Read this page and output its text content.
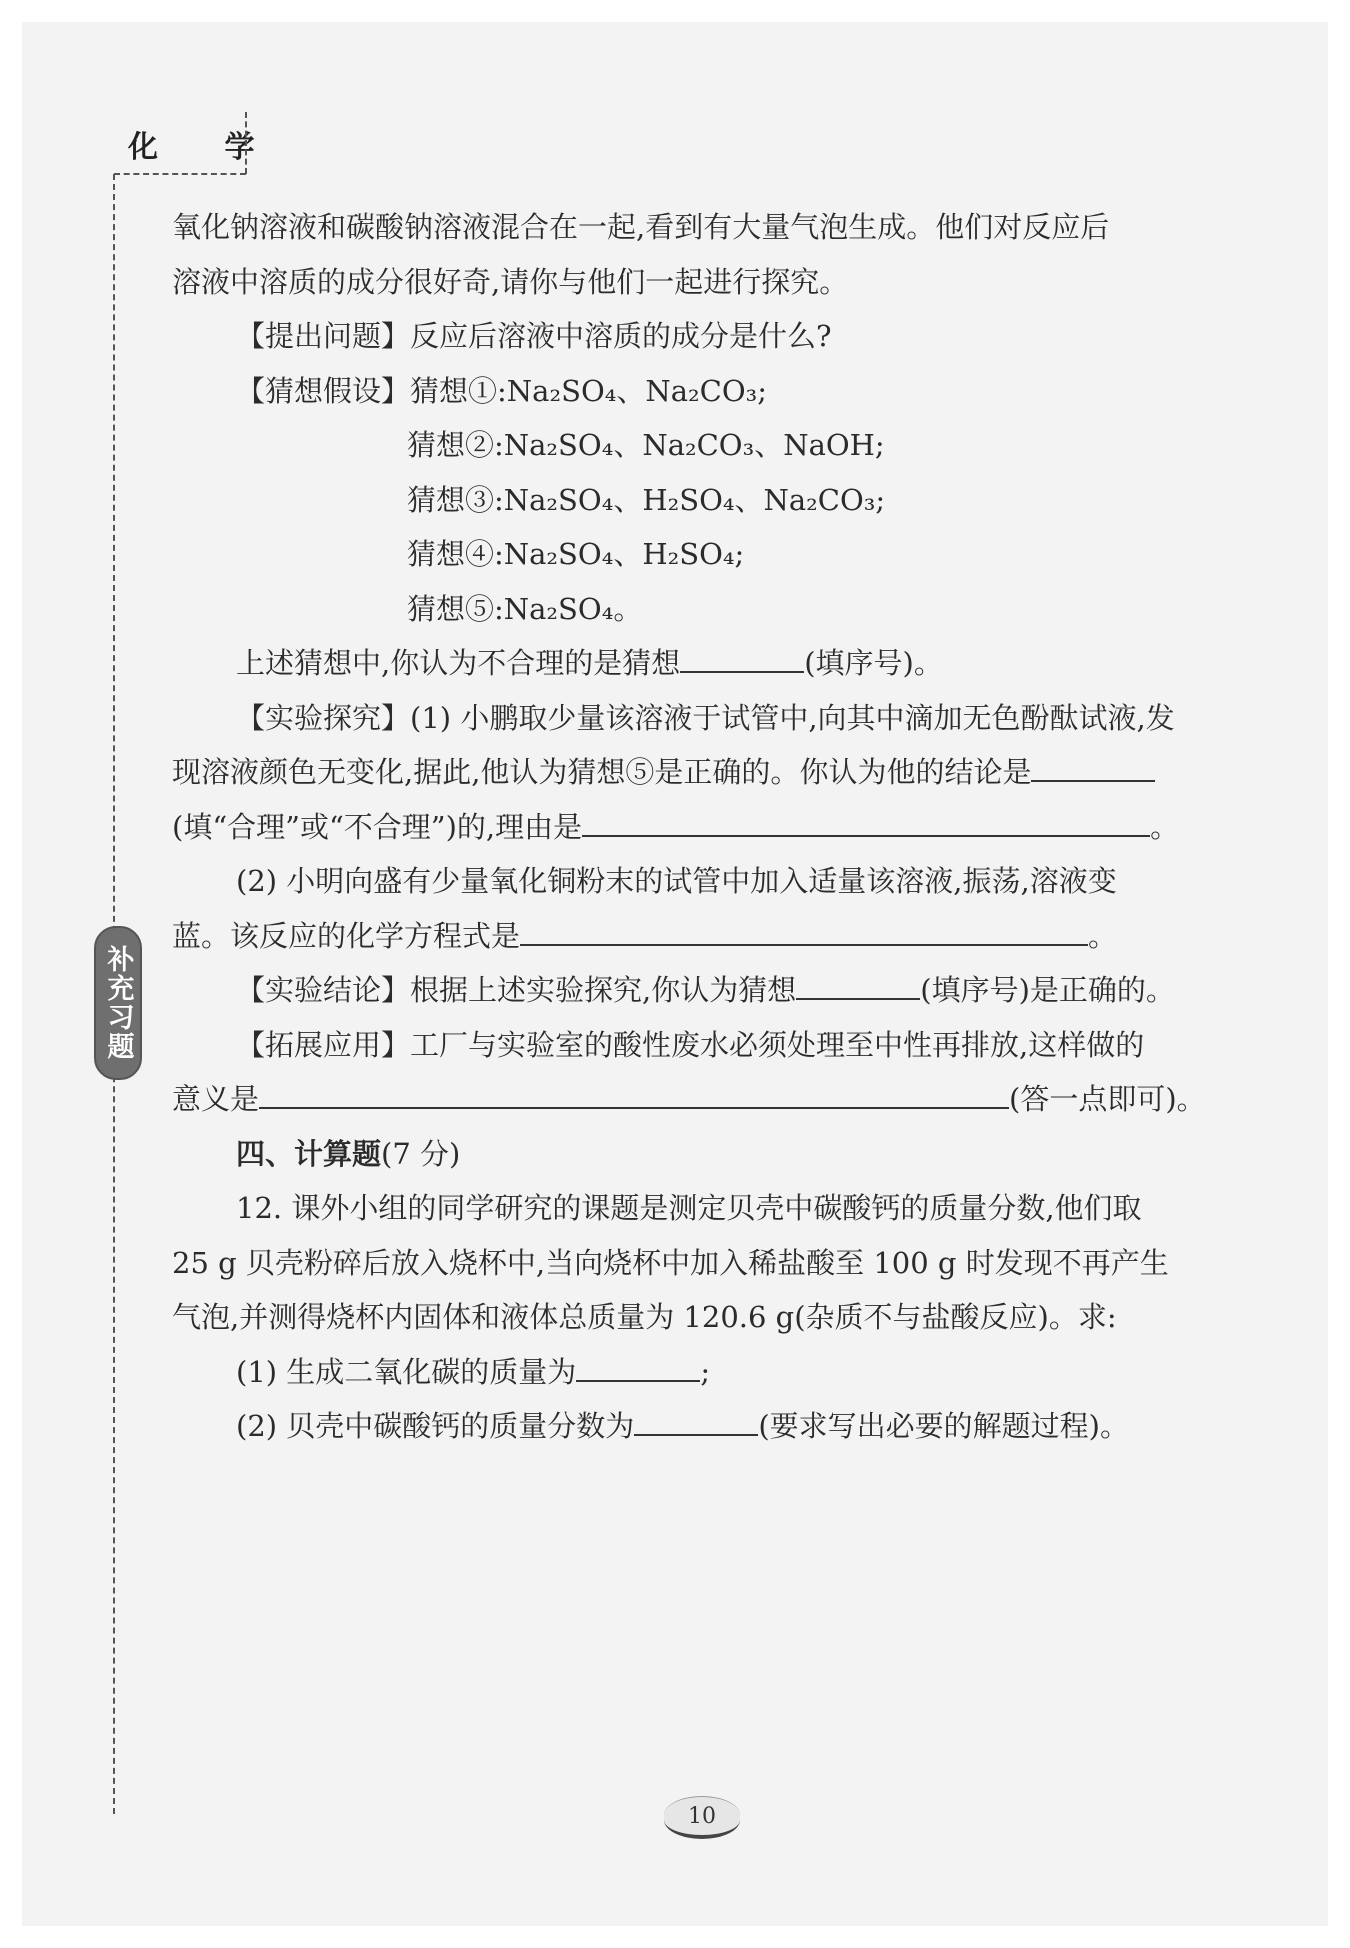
化 学
补充习题

氧化钠溶液和碳酸钠溶液混合在一起,看到有大量气泡生成。他们对反应后

溶液中溶质的成分很好奇,请你与他们一起进行探究。

【提出问题】反应后溶液中溶质的成分是什么?

【猜想假设】猜想①:Na₂SO₄、Na₂CO₃;

猜想②:Na₂SO₄、Na₂CO₃、NaOH;

猜想③:Na₂SO₄、H₂SO₄、Na₂CO₃;

猜想④:Na₂SO₄、H₂SO₄;

猜想⑤:Na₂SO₄。

上述猜想中,你认为不合理的是猜想	(填序号)。

【实验探究】(1) 小鹏取少量该溶液于试管中,向其中滴加无色酚酞试液,发

现溶液颜色无变化,据此,他认为猜想⑤是正确的。你认为他的结论是

(填“合理”或“不合理”)的,理由是	。

(2) 小明向盛有少量氧化铜粉末的试管中加入适量该溶液,振荡,溶液变

蓝。该反应的化学方程式是	。

【实验结论】根据上述实验探究,你认为猜想	(填序号)是正确的。

【拓展应用】工厂与实验室的酸性废水必须处理至中性再排放,这样做的

意义是	(答一点即可)。

四、计算题(7 分)

12. 课外小组的同学研究的课题是测定贝壳中碳酸钙的质量分数,他们取

25 g 贝壳粉碎后放入烧杯中,当向烧杯中加入稀盐酸至 100 g 时发现不再产生

气泡,并测得烧杯内固体和液体总质量为 120.6 g(杂质不与盐酸反应)。求:

(1) 生成二氧化碳的质量为	;

(2) 贝壳中碳酸钙的质量分数为	(要求写出必要的解题过程)。

10
